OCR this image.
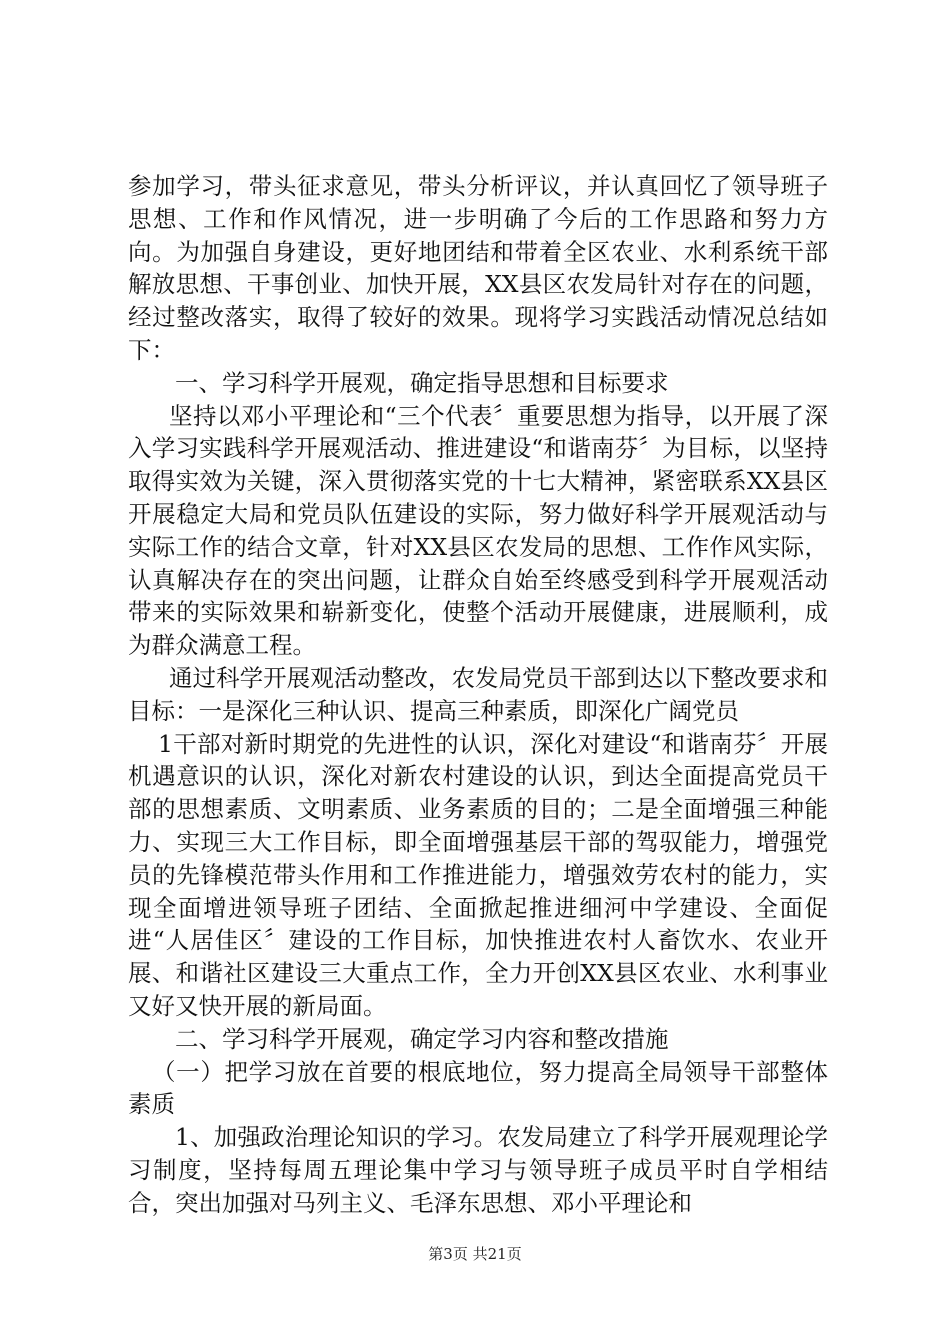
参加学习，带头征求意见，带头分析评议，并认真回忆了领导班子思想、工作和作风情况，进一步明确了今后的工作思路和努力方向。为加强自身建设，更好地团结和带着全区农业、水利系统干部解放思想、干事创业、加快开展，XX县区农发局针对存在的问题，经过整改落实，取得了较好的效果。现将学习实践活动情况总结如下：

一、学习科学开展观，确定指导思想和目标要求

坚持以邓小平理论和“三个代表〞重要思想为指导，以开展了深入学习实践科学开展观活动、推进建设“和谐南芬〞为目标，以坚持取得实效为关键，深入贯彻落实党的十七大精神，紧密联系XX县区开展稳定大局和党员队伍建设的实际，努力做好科学开展观活动与实际工作的结合文章，针对XX县区农发局的思想、工作作风实际，认真解决存在的突出问题，让群众自始至终感受到科学开展观活动带来的实际效果和崭新变化，使整个活动开展健康，进展顺利，成为群众满意工程。

通过科学开展观活动整改，农发局党员干部到达以下整改要求和目标：一是深化三种认识、提高三种素质，即深化广阔党员

1干部对新时期党的先进性的认识，深化对建设“和谐南芬〞开展机遇意识的认识，深化对新农村建设的认识，到达全面提高党员干部的思想素质、文明素质、业务素质的目的；二是全面增强三种能力、实现三大工作目标，即全面增强基层干部的驾驭能力，增强党员的先锋模范带头作用和工作推进能力，增强效劳农村的能力，实现全面增进领导班子团结、全面掀起推进细河中学建设、全面促进“人居佳区〞建设的工作目标，加快推进农村人畜饮水、农业开展、和谐社区建设三大重点工作，全力开创XX县区农业、水利事业又好又快开展的新局面。

二、学习科学开展观，确定学习内容和整改措施

（一）把学习放在首要的根底地位，努力提高全局领导干部整体素质

1、加强政治理论知识的学习。农发局建立了科学开展观理论学习制度，坚持每周五理论集中学习与领导班子成员平时自学相结合，突出加强对马列主义、毛泽东思想、邓小平理论和

第3页 共21页
